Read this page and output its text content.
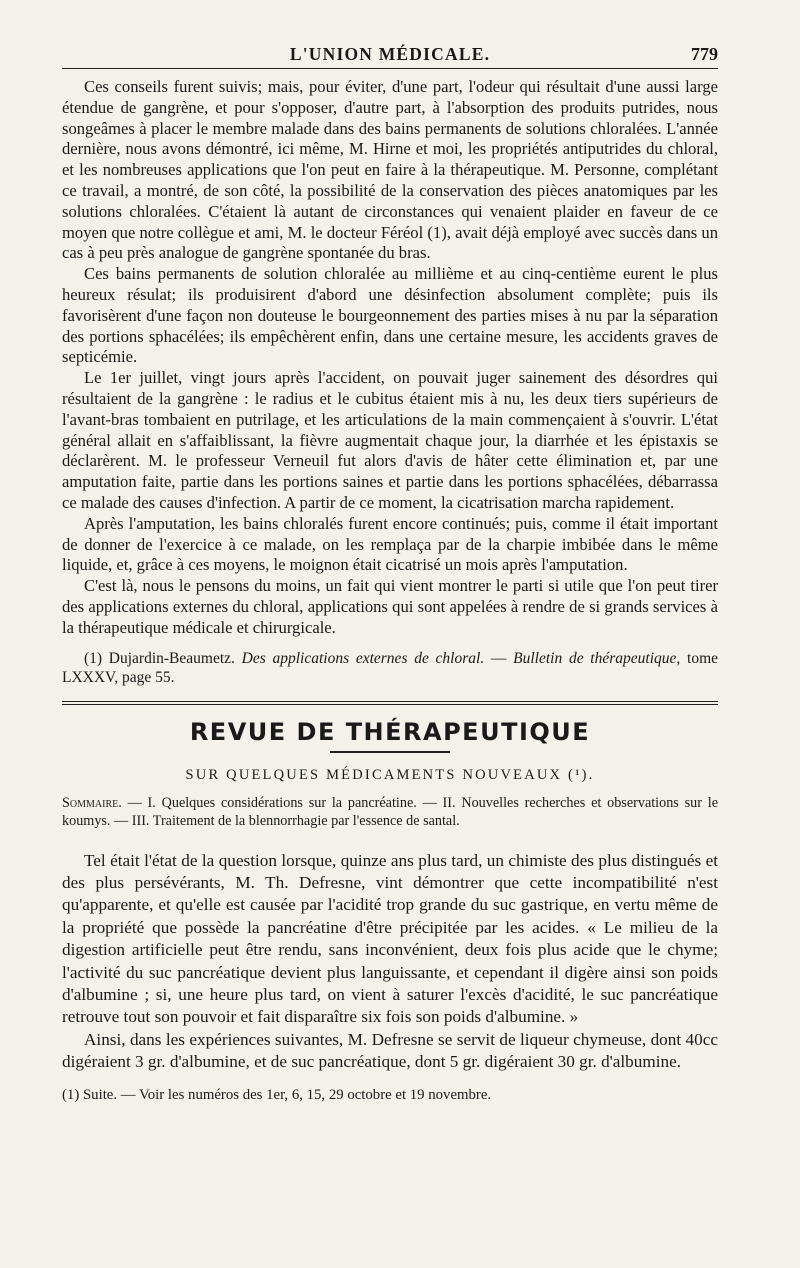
L'UNION MÉDICALE.	779

Ces conseils furent suivis; mais, pour éviter, d'une part, l'odeur qui résultait d'une aussi large étendue de gangrène, et pour s'opposer, d'autre part, à l'absorption des produits putrides, nous songeâmes à placer le membre malade dans des bains permanents de solutions chloralées. L'année dernière, nous avons démontré, ici même, M. Hirne et moi, les propriétés antiputrides du chloral, et les nombreuses applications que l'on peut en faire à la thérapeutique. M. Personne, complétant ce travail, a montré, de son côté, la possibilité de la conservation des pièces anatomiques par les solutions chloralées. C'étaient là autant de circonstances qui venaient plaider en faveur de ce moyen que notre collègue et ami, M. le docteur Féréol (1), avait déjà employé avec succès dans un cas à peu près analogue de gangrène spontanée du bras.

Ces bains permanents de solution chloralée au millième et au cinq-centième eurent le plus heureux résulat; ils produisirent d'abord une désinfection absolument complète; puis ils favorisèrent d'une façon non douteuse le bourgeonnement des parties mises à nu par la séparation des portions sphacélées; ils empêchèrent enfin, dans une certaine mesure, les accidents graves de septicémie.

Le 1er juillet, vingt jours après l'accident, on pouvait juger sainement des désordres qui résultaient de la gangrène : le radius et le cubitus étaient mis à nu, les deux tiers supérieurs de l'avant-bras tombaient en putrilage, et les articulations de la main commençaient à s'ouvrir. L'état général allait en s'affaiblissant, la fièvre augmentait chaque jour, la diarrhée et les épistaxis se déclarèrent. M. le professeur Verneuil fut alors d'avis de hâter cette élimination et, par une amputation faite, partie dans les portions saines et partie dans les portions sphacélées, débarrassa ce malade des causes d'infection. A partir de ce moment, la cicatrisation marcha rapidement.

Après l'amputation, les bains chloralés furent encore continués; puis, comme il était important de donner de l'exercice à ce malade, on les remplaça par de la charpie imbibée dans le même liquide, et, grâce à ces moyens, le moignon était cicatrisé un mois après l'amputation.

C'est là, nous le pensons du moins, un fait qui vient montrer le parti si utile que l'on peut tirer des applications externes du chloral, applications qui sont appelées à rendre de si grands services à la thérapeutique médicale et chirurgicale.

(1) Dujardin-Beaumetz. Des applications externes de chloral. — Bulletin de thérapeutique, tome LXXXV, page 55.

REVUE DE THÉRAPEUTIQUE

SUR QUELQUES MÉDICAMENTS NOUVEAUX (¹).

Sommaire. — I. Quelques considérations sur la pancréatine. — II. Nouvelles recherches et observations sur le koumys. — III. Traitement de la blennorrhagie par l'essence de santal.

Tel était l'état de la question lorsque, quinze ans plus tard, un chimiste des plus distingués et des plus persévérants, M. Th. Defresne, vint démontrer que cette incompatibilité n'est qu'apparente, et qu'elle est causée par l'acidité trop grande du suc gastrique, en vertu même de la propriété que possède la pancréatine d'être précipitée par les acides. « Le milieu de la digestion artificielle peut être rendu, sans inconvénient, deux fois plus acide que le chyme; l'activité du suc pancréatique devient plus languissante, et cependant il digère ainsi son poids d'albumine ; si, une heure plus tard, on vient à saturer l'excès d'acidité, le suc pancréatique retrouve tout son pouvoir et fait disparaître six fois son poids d'albumine. »

Ainsi, dans les expériences suivantes, M. Defresne se servit de liqueur chymeuse, dont 40cc digéraient 3 gr. d'albumine, et de suc pancréatique, dont 5 gr. digéraient 30 gr. d'albumine.

(1) Suite. — Voir les numéros des 1er, 6, 15, 29 octobre et 19 novembre.
